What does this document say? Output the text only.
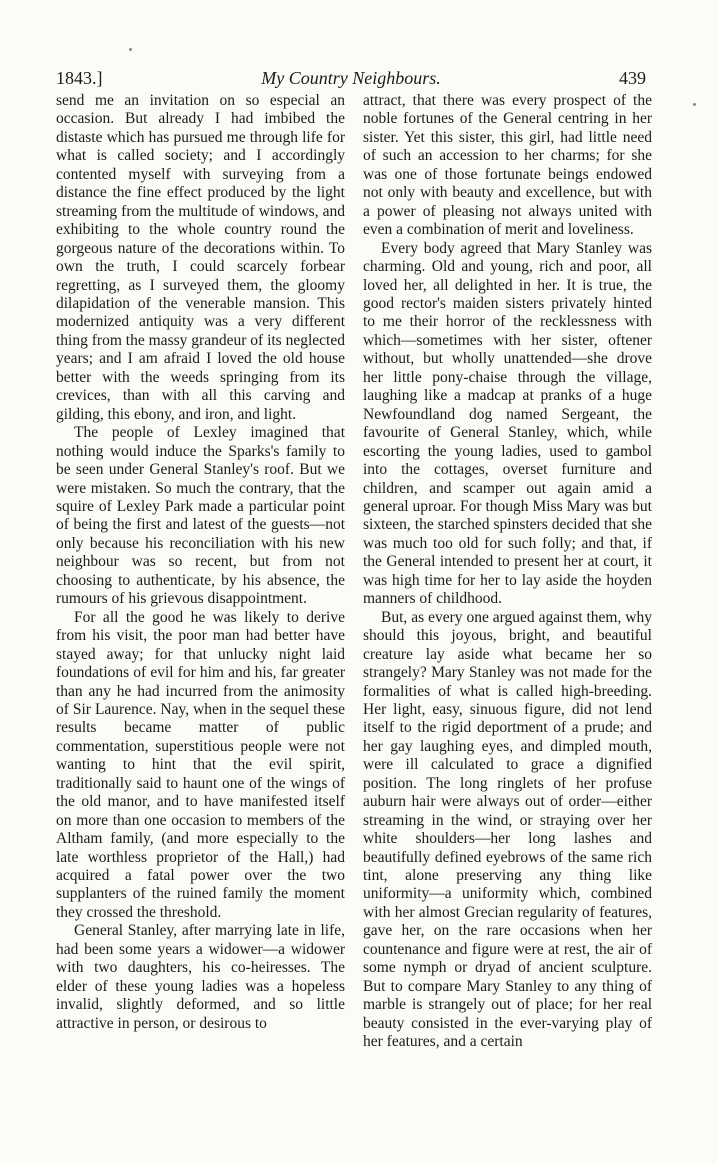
1843.]	My Country Neighbours.	439

send me an invitation on so especial an occasion. But already I had imbibed the distaste which has pursued me through life for what is called society; and I accordingly contented myself with surveying from a distance the fine effect produced by the light streaming from the multitude of windows, and exhibiting to the whole country round the gorgeous nature of the decorations within. To own the truth, I could scarcely forbear regretting, as I surveyed them, the gloomy dilapidation of the venerable mansion. This modernized antiquity was a very different thing from the massy grandeur of its neglected years; and I am afraid I loved the old house better with the weeds springing from its crevices, than with all this carving and gilding, this ebony, and iron, and light.

The people of Lexley imagined that nothing would induce the Sparks's family to be seen under General Stanley's roof. But we were mistaken. So much the contrary, that the squire of Lexley Park made a particular point of being the first and latest of the guests—not only because his reconciliation with his new neighbour was so recent, but from not choosing to authenticate, by his absence, the rumours of his grievous disappointment.

For all the good he was likely to derive from his visit, the poor man had better have stayed away; for that unlucky night laid foundations of evil for him and his, far greater than any he had incurred from the animosity of Sir Laurence. Nay, when in the sequel these results became matter of public commentation, superstitious people were not wanting to hint that the evil spirit, traditionally said to haunt one of the wings of the old manor, and to have manifested itself on more than one occasion to members of the Altham family, (and more especially to the late worthless proprietor of the Hall,) had acquired a fatal power over the two supplanters of the ruined family the moment they crossed the threshold.

General Stanley, after marrying late in life, had been some years a widower—a widower with two daughters, his co-heiresses. The elder of these young ladies was a hopeless invalid, slightly deformed, and so little attractive in person, or desirous to

attract, that there was every prospect of the noble fortunes of the General centring in her sister. Yet this sister, this girl, had little need of such an accession to her charms; for she was one of those fortunate beings endowed not only with beauty and excellence, but with a power of pleasing not always united with even a combination of merit and loveliness.

Every body agreed that Mary Stanley was charming. Old and young, rich and poor, all loved her, all delighted in her. It is true, the good rector's maiden sisters privately hinted to me their horror of the recklessness with which—sometimes with her sister, oftener without, but wholly unattended—she drove her little pony-chaise through the village, laughing like a madcap at pranks of a huge Newfoundland dog named Sergeant, the favourite of General Stanley, which, while escorting the young ladies, used to gambol into the cottages, overset furniture and children, and scamper out again amid a general uproar. For though Miss Mary was but sixteen, the starched spinsters decided that she was much too old for such folly; and that, if the General intended to present her at court, it was high time for her to lay aside the hoyden manners of childhood.

But, as every one argued against them, why should this joyous, bright, and beautiful creature lay aside what became her so strangely? Mary Stanley was not made for the formalities of what is called high-breeding. Her light, easy, sinuous figure, did not lend itself to the rigid deportment of a prude; and her gay laughing eyes, and dimpled mouth, were ill calculated to grace a dignified position. The long ringlets of her profuse auburn hair were always out of order—either streaming in the wind, or straying over her white shoulders—her long lashes and beautifully defined eyebrows of the same rich tint, alone preserving any thing like uniformity—a uniformity which, combined with her almost Grecian regularity of features, gave her, on the rare occasions when her countenance and figure were at rest, the air of some nymph or dryad of ancient sculpture. But to compare Mary Stanley to any thing of marble is strangely out of place; for her real beauty consisted in the ever-varying play of her features, and a certain
